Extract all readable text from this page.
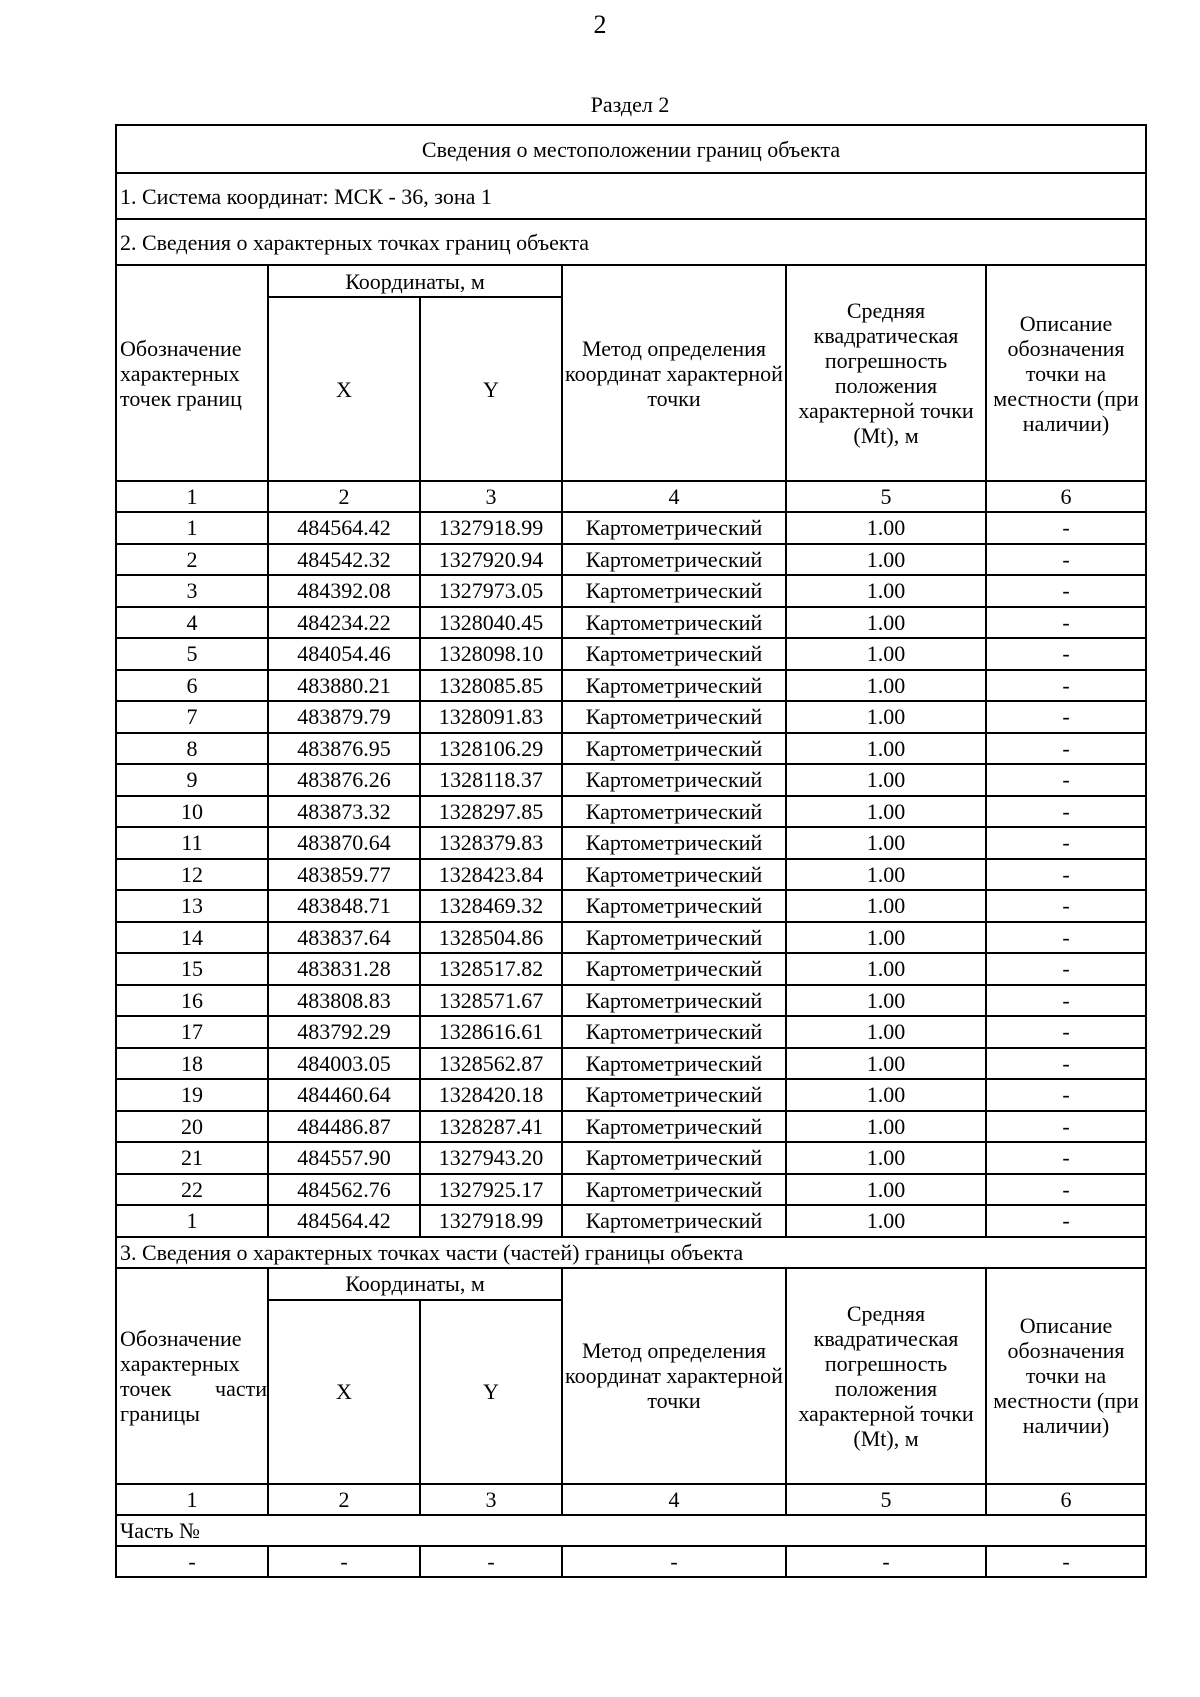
2
Раздел 2
Сведения о местоположении границ объекта					
1. Система координат: МСК - 36, зона 1					
2. Сведения о характерных точках границ объекта					
Обозначение характерных точек границ	Координаты, м		Метод определения координат характерной точки	Средняя квадратическая погрешность положения характерной точки (Mt), м	Описание обозначения точки на местности (при наличии)
	X	Y			
1	2	3	4	5	6
1	484564.42	1327918.99	Картометрический	1.00	-
2	484542.32	1327920.94	Картометрический	1.00	-
3	484392.08	1327973.05	Картометрический	1.00	-
4	484234.22	1328040.45	Картометрический	1.00	-
5	484054.46	1328098.10	Картометрический	1.00	-
6	483880.21	1328085.85	Картометрический	1.00	-
7	483879.79	1328091.83	Картометрический	1.00	-
8	483876.95	1328106.29	Картометрический	1.00	-
9	483876.26	1328118.37	Картометрический	1.00	-
10	483873.32	1328297.85	Картометрический	1.00	-
11	483870.64	1328379.83	Картометрический	1.00	-
12	483859.77	1328423.84	Картометрический	1.00	-
13	483848.71	1328469.32	Картометрический	1.00	-
14	483837.64	1328504.86	Картометрический	1.00	-
15	483831.28	1328517.82	Картометрический	1.00	-
16	483808.83	1328571.67	Картометрический	1.00	-
17	483792.29	1328616.61	Картометрический	1.00	-
18	484003.05	1328562.87	Картометрический	1.00	-
19	484460.64	1328420.18	Картометрический	1.00	-
20	484486.87	1328287.41	Картометрический	1.00	-
21	484557.90	1327943.20	Картометрический	1.00	-
22	484562.76	1327925.17	Картометрический	1.00	-
1	484564.42	1327918.99	Картометрический	1.00	-
3. Сведения о характерных точках части (частей) границы объекта					
Обозначение характерных точек части границы	Координаты, м		Метод определения координат характерной точки	Средняя квадратическая погрешность положения характерной точки (Mt), м	Описание обозначения точки на местности (при наличии)
	X	Y			
1	2	3	4	5	6
Часть №					
-	-	-	-	-	-
